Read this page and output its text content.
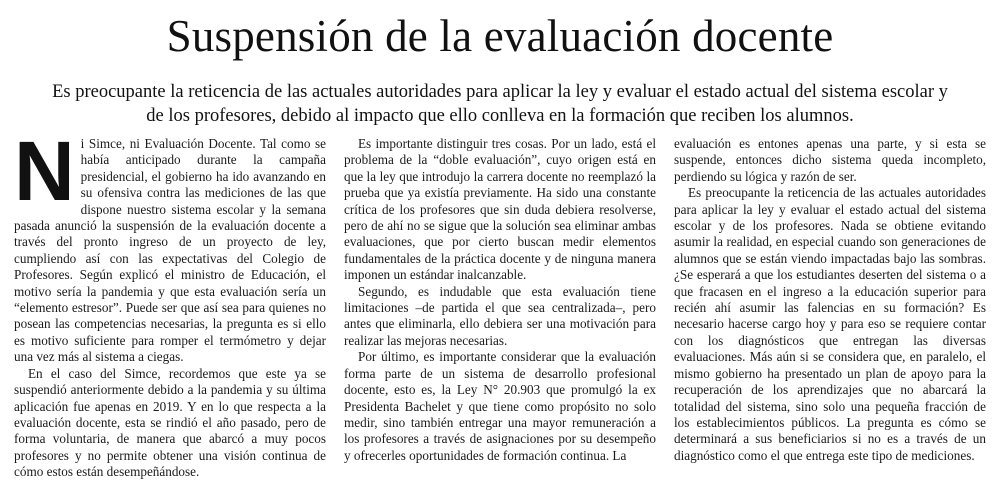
Suspensión de la evaluación docente

Es preocupante la reticencia de las actuales autoridades para aplicar la ley y evaluar el estado actual del sistema escolar y de los profesores, debido al impacto que ello conlleva en la formación que reciben los alumnos.

N i Simce, ni Evaluación Docente. Tal como se había anticipado durante la campaña presidencial, el gobierno ha ido avanzando en su ofensiva contra las mediciones de las que dispone nuestro sistema escolar y la semana pasada anunció la suspensión de la evaluación docente a través del pronto ingreso de un proyecto de ley, cumpliendo así con las expectativas del Colegio de Profesores. Según explicó el ministro de Educación, el motivo sería la pandemia y que esta evaluación sería un “elemento estresor”. Puede ser que así sea para quienes no posean las competencias necesarias, la pregunta es si ello es motivo suficiente para romper el termómetro y dejar una vez más al sistema a ciegas.

En el caso del Simce, recordemos que este ya se suspendió anteriormente debido a la pandemia y su última aplicación fue apenas en 2019. Y en lo que respecta a la evaluación docente, esta se rindió el año pasado, pero de forma voluntaria, de manera que abarcó a muy pocos profesores y no permite obtener una visión continua de cómo estos están desempeñándose.

Es importante distinguir tres cosas. Por un lado, está el problema de la “doble evaluación”, cuyo origen está en que la ley que introdujo la carrera docente no reemplazó la prueba que ya existía previamente. Ha sido una constante crítica de los profesores que sin duda debiera resolverse, pero de ahí no se sigue que la solución sea eliminar ambas evaluaciones, que por cierto buscan medir elementos fundamentales de la práctica docente y de ninguna manera imponen un estándar inalcanzable.

Segundo, es indudable que esta evaluación tiene limitaciones –de partida el que sea centralizada–, pero antes que eliminarla, ello debiera ser una motivación para realizar las mejoras necesarias.

Por último, es importante considerar que la evaluación forma parte de un sistema de desarrollo profesional docente, esto es, la Ley N° 20.903 que promulgó la ex Presidenta Bachelet y que tiene como propósito no solo medir, sino también entregar una mayor remuneración a los profesores a través de asignaciones por su desempeño y ofrecerles oportunidades de formación continua. La

evaluación es entones apenas una parte, y si esta se suspende, entonces dicho sistema queda incompleto, perdiendo su lógica y razón de ser.

Es preocupante la reticencia de las actuales autoridades para aplicar la ley y evaluar el estado actual del sistema escolar y de los profesores. Nada se obtiene evitando asumir la realidad, en especial cuando son generaciones de alumnos que se están viendo impactadas bajo las sombras. ¿Se esperará a que los estudiantes deserten del sistema o a que fracasen en el ingreso a la educación superior para recién ahí asumir las falencias en su formación? Es necesario hacerse cargo hoy y para eso se requiere contar con los diagnósticos que entregan las diversas evaluaciones. Más aún si se considera que, en paralelo, el mismo gobierno ha presentado un plan de apoyo para la recuperación de los aprendizajes que no abarcará la totalidad del sistema, sino solo una pequeña fracción de los establecimientos públicos. La pregunta es cómo se determinará a sus beneficiarios si no es a través de un diagnóstico como el que entrega este tipo de mediciones.
